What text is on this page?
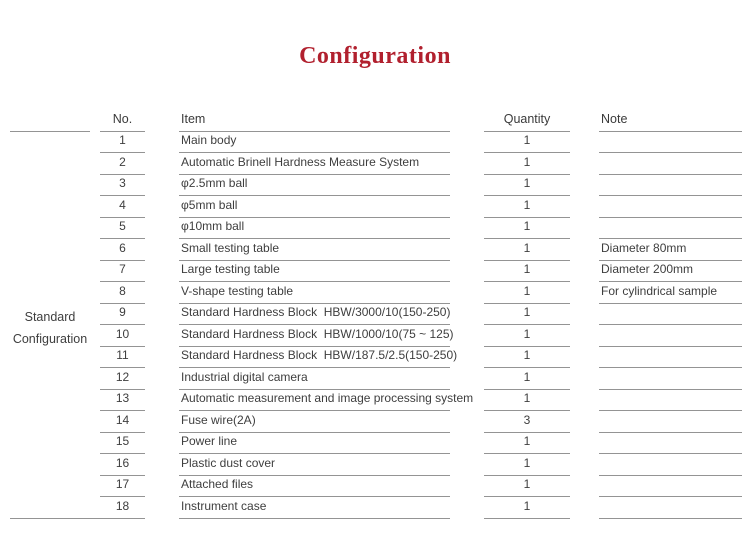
Configuration
No.	Item	Quantity	Note
1	Main body	1
2	Automatic Brinell Hardness Measure System	1
3	φ2.5mm ball	1
4	φ5mm ball	1
5	φ10mm ball	1
6	Small testing table	1	Diameter 80mm
7	Large testing table	1	Diameter 200mm
8	V-shape testing table	1	For cylindrical sample
9	Standard Hardness Block  HBW/3000/10(150-250)	1
10	Standard Hardness Block  HBW/1000/10(75 ~ 125)	1
11	Standard Hardness Block  HBW/187.5/2.5(150-250)	1
12	Industrial digital camera	1
13	Automatic measurement and image processing system	1
14	Fuse wire(2A)	3
15	Power line	1
16	Plastic dust cover	1
17	Attached files	1
18	Instrument case	1
Standard
Configuration
